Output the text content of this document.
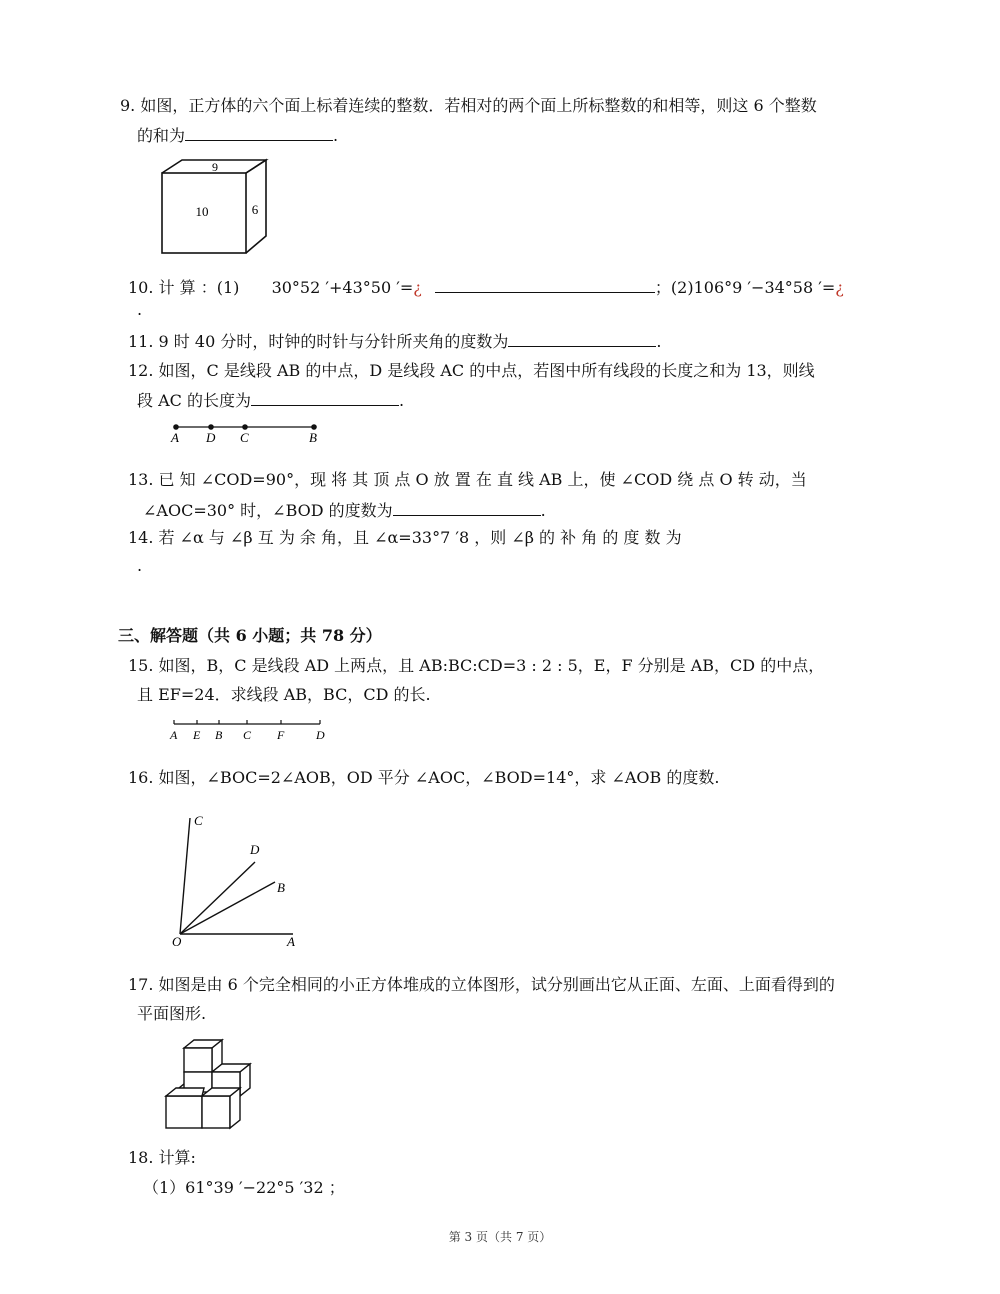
9. 如图，正方体的六个面上标着连续的整数．若相对的两个面上所标整数的和相等，则这 6 个整数
的和为	.
9
10	6
10. 计 算 ：(1) 30°52 ′+43°50 ′=¿	；(2)106°9 ′−34°58 ′=¿
.
11. 9 时 40 分时，时钟的时针与分针所夹角的度数为	.
12. 如图，C 是线段 AB 的中点，D 是线段 AC 的中点，若图中所有线段的长度之和为 13，则线
段 AC 的长度为	.
A D C	B
13. 已 知 ∠COD=90°，现 将 其 顶 点 O 放 置 在 直 线 AB 上，使 ∠COD 绕 点 O 转 动，当
∠AOC=30° 时，∠BOD 的度数为	.
14. 若 ∠α 与 ∠β 互 为 余 角，且 ∠α=33°7 ′8 ，则 ∠β 的 补 角 的 度 数 为
.
三、解答题（共 6 小题；共 78 分）
15. 如图，B，C 是线段 AD 上两点，且 AB:BC:CD=3 : 2 : 5，E，F 分别是 AB，CD 的中点，
且 EF=24．求线段 AB，BC，CD 的长.
A E B C F	D
16. 如图，∠BOC=2∠AOB，OD 平分 ∠AOC，∠BOD=14°，求 ∠AOB 的度数.
C
D
B
O	A
17. 如图是由 6 个完全相同的小正方体堆成的立体图形，试分别画出它从正面、左面、上面看得到的
平面图形.
18. 计算:
（1）61°39 ′−22°5 ′32 ；
第 3 页（共 7 页）
